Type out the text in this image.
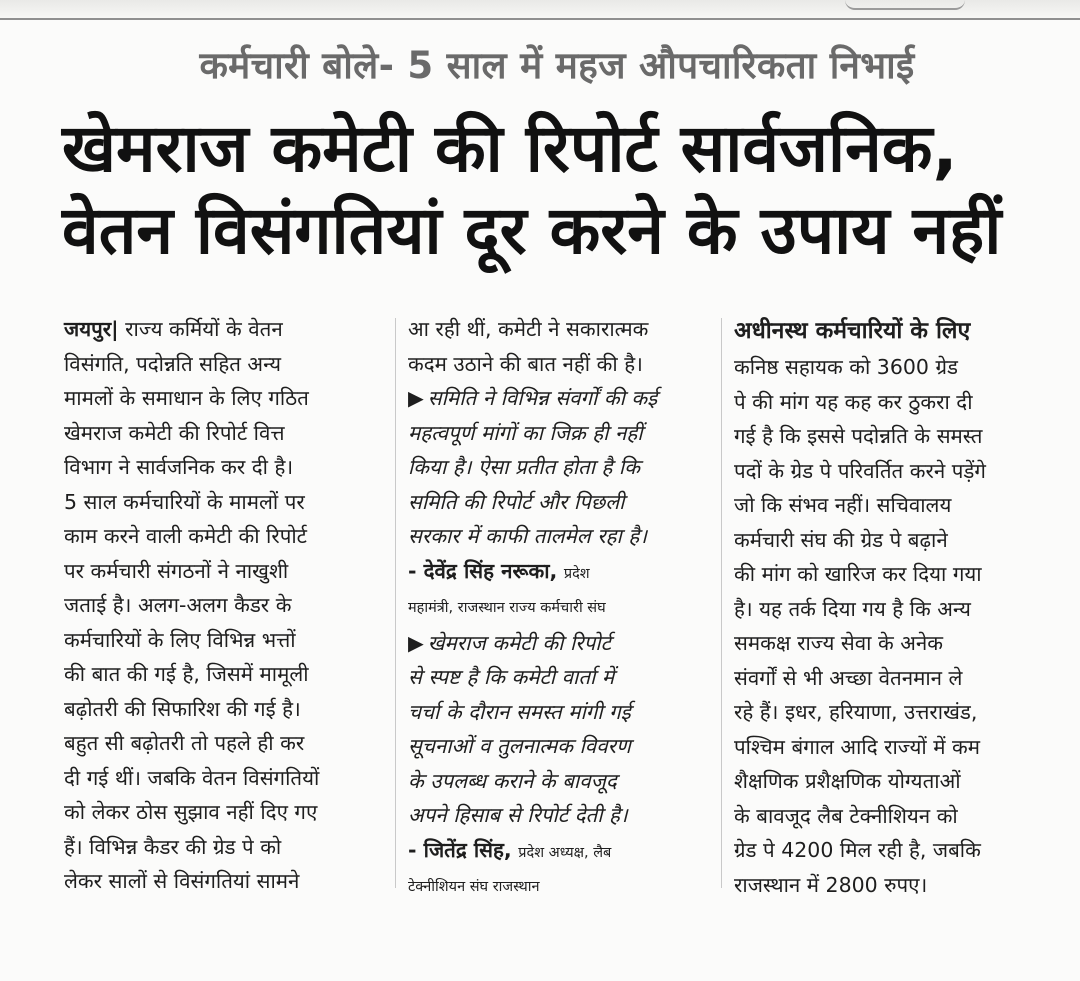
कर्मचारी बोले- 5 साल में महज औपचारिकता निभाई
खेमराज कमेटी की रिपोर्ट सार्वजनिक,
वेतन विसंगतियां दूर करने के उपाय नहीं

जयपुर| राज्य कर्मियों के वेतन

विसंगति, पदोन्नति सहित अन्य

मामलों के समाधान के लिए गठित

खेमराज कमेटी की रिपोर्ट वित्त

विभाग ने सार्वजनिक कर दी है।

5 साल कर्मचारियों के मामलों पर

काम करने वाली कमेटी की रिपोर्ट

पर कर्मचारी संगठनों ने नाखुशी

जताई है। अलग-अलग कैडर के

कर्मचारियों के लिए विभिन्न भत्तों

की बात की गई है, जिसमें मामूली

बढ़ोतरी की सिफारिश की गई है।

बहुत सी बढ़ोतरी तो पहले ही कर

दी गई थीं। जबकि वेतन विसंगतियों

को लेकर ठोस सुझाव नहीं दिए गए

हैं। विभिन्न कैडर की ग्रेड पे को

लेकर सालों से विसंगतियां सामने

आ रही थीं, कमेटी ने सकारात्मक

कदम उठाने की बात नहीं की है।

▶ समिति ने विभिन्न संवर्गों की कई

महत्वपूर्ण मांगों का जिक्र ही नहीं

किया है। ऐसा प्रतीत होता है कि

समिति की रिपोर्ट और पिछली

सरकार में काफी तालमेल रहा है।

- देवेंद्र सिंह नरूका, प्रदेश

महामंत्री, राजस्थान राज्य कर्मचारी संघ

▶ खेमराज कमेटी की रिपोर्ट

से स्पष्ट है कि कमेटी वार्ता में

चर्चा के दौरान समस्त मांगी गई

सूचनाओं व तुलनात्मक विवरण

के उपलब्ध कराने के बावजूद

अपने हिसाब से रिपोर्ट देती है।

- जितेंद्र सिंह, प्रदेश अध्यक्ष, लैब

टेक्नीशियन संघ राजस्थान

अधीनस्थ कर्मचारियों के लिए

कनिष्ठ सहायक को 3600 ग्रेड

पे की मांग यह कह कर ठुकरा दी

गई है कि इससे पदोन्नति के समस्त

पदों के ग्रेड पे परिवर्तित करने पड़ेंगे

जो कि संभव नहीं। सचिवालय

कर्मचारी संघ की ग्रेड पे बढ़ाने

की मांग को खारिज कर दिया गया

है। यह तर्क दिया गय है कि अन्य

समकक्ष राज्य सेवा के अनेक

संवर्गों से भी अच्छा वेतनमान ले

रहे हैं। इधर, हरियाणा, उत्तराखंड,

पश्चिम बंगाल आदि राज्यों में कम

शैक्षणिक प्रशैक्षणिक योग्यताओं

के बावजूद लैब टेक्नीशियन को

ग्रेड पे 4200 मिल रही है, जबकि

राजस्थान में 2800 रुपए।
